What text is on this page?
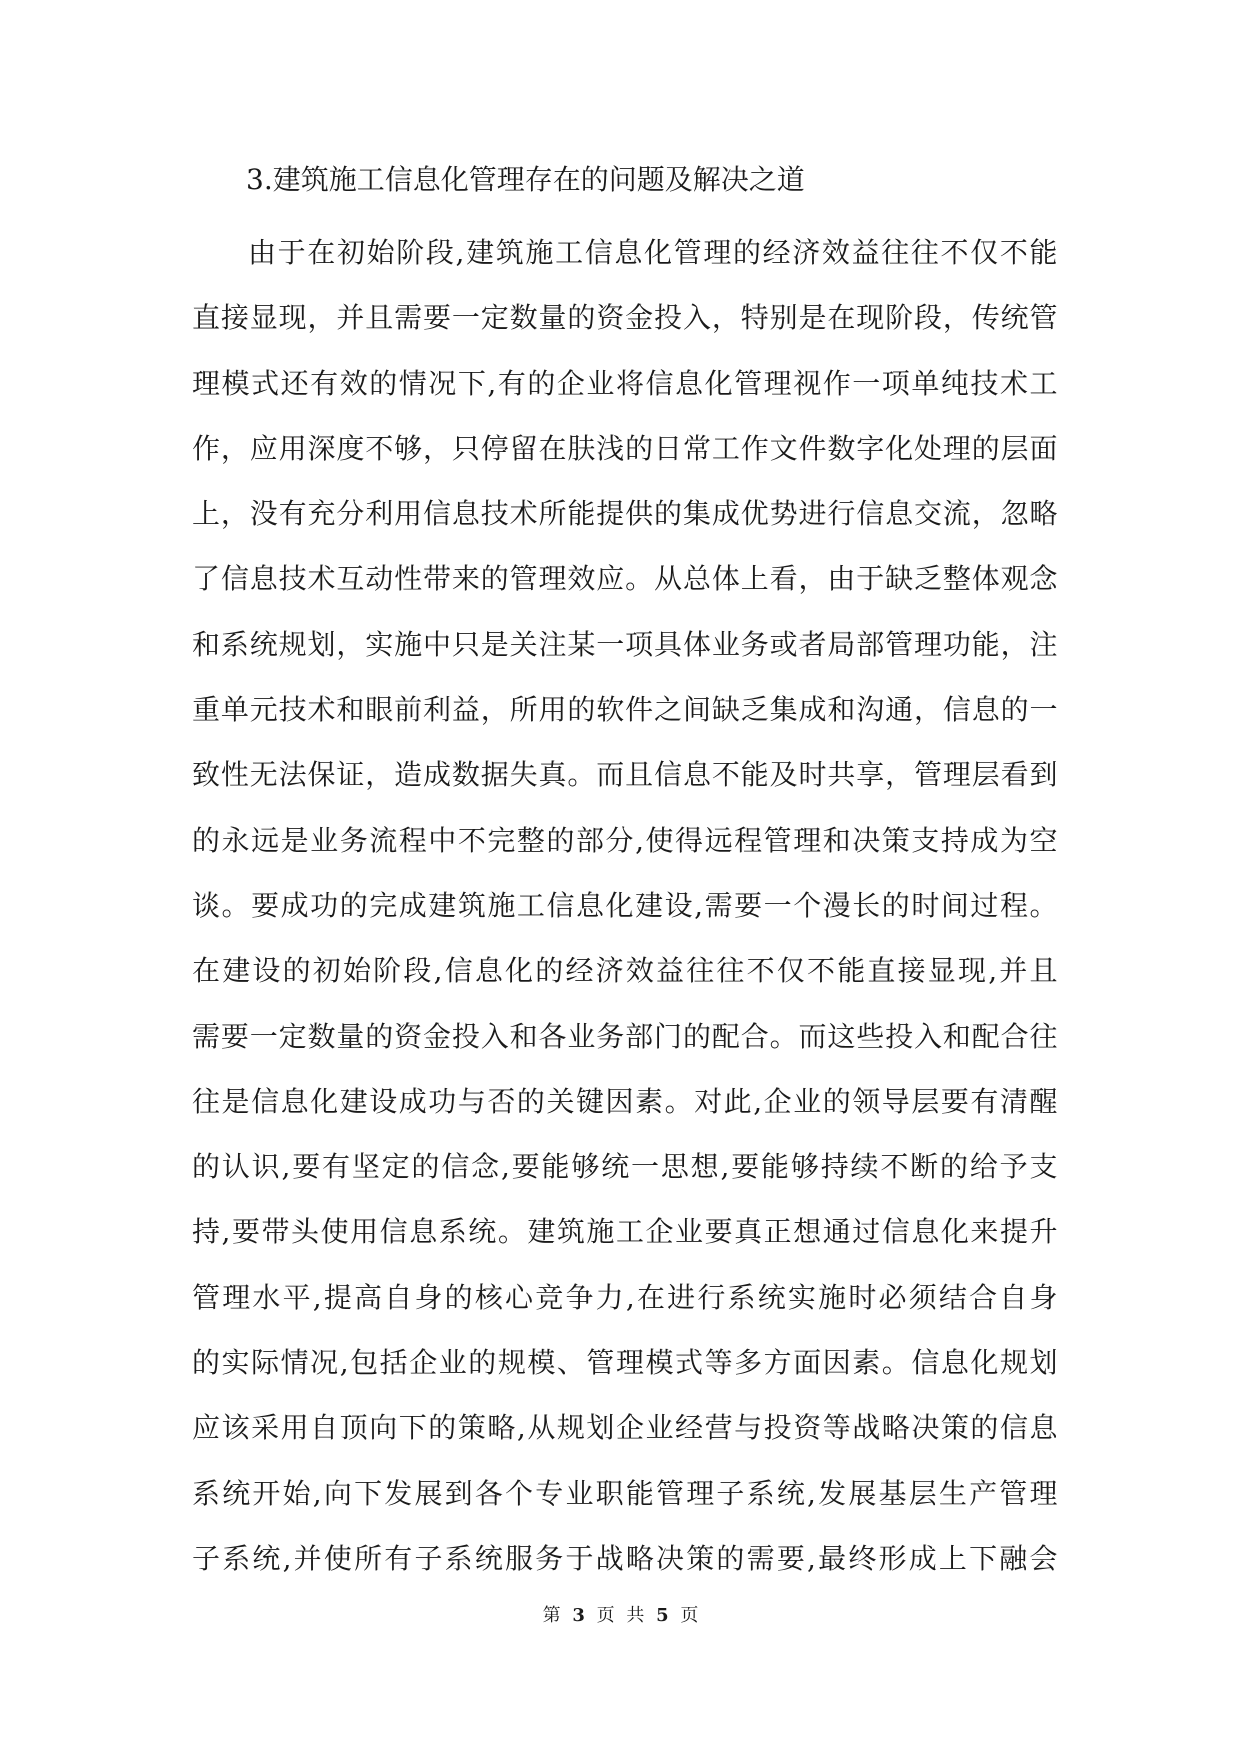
3.建筑施工信息化管理存在的问题及解决之道
由于在初始阶段,建筑施工信息化管理的经济效益往往不仅不能
直接显现，并且需要一定数量的资金投入，特别是在现阶段，传统管
理模式还有效的情况下,有的企业将信息化管理视作一项单纯技术工
作，应用深度不够，只停留在肤浅的日常工作文件数字化处理的层面
上，没有充分利用信息技术所能提供的集成优势进行信息交流，忽略
了信息技术互动性带来的管理效应。从总体上看，由于缺乏整体观念
和系统规划，实施中只是关注某一项具体业务或者局部管理功能，注
重单元技术和眼前利益，所用的软件之间缺乏集成和沟通，信息的一
致性无法保证，造成数据失真。而且信息不能及时共享，管理层看到
的永远是业务流程中不完整的部分,使得远程管理和决策支持成为空
谈。要成功的完成建筑施工信息化建设,需要一个漫长的时间过程。
在建设的初始阶段,信息化的经济效益往往不仅不能直接显现,并且
需要一定数量的资金投入和各业务部门的配合。而这些投入和配合往
往是信息化建设成功与否的关键因素。对此,企业的领导层要有清醒
的认识,要有坚定的信念,要能够统一思想,要能够持续不断的给予支
持,要带头使用信息系统。建筑施工企业要真正想通过信息化来提升
管理水平,提高自身的核心竞争力,在进行系统实施时必须结合自身
的实际情况,包括企业的规模、管理模式等多方面因素。信息化规划
应该采用自顶向下的策略,从规划企业经营与投资等战略决策的信息
系统开始,向下发展到各个专业职能管理子系统,发展基层生产管理
子系统,并使所有子系统服务于战略决策的需要,最终形成上下融会
第 3 页 共 5 页
